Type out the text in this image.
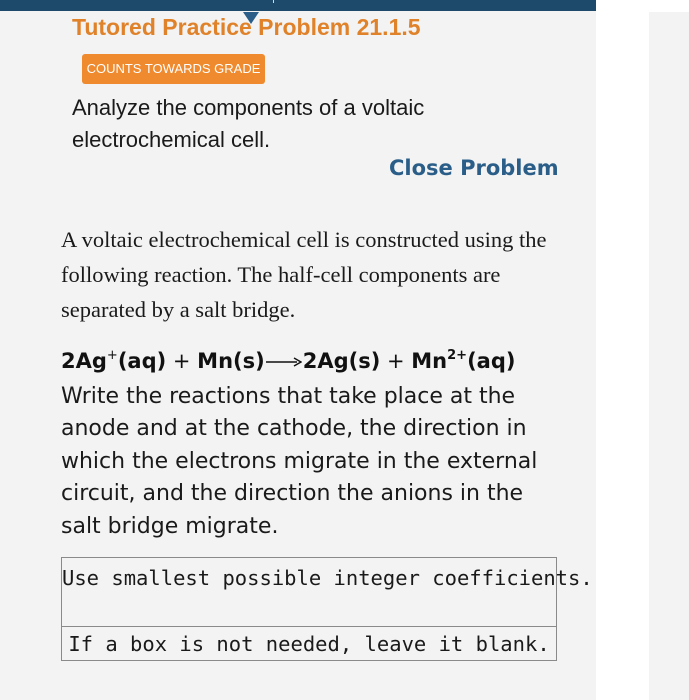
Tutored Practice Problem 21.1.5
COUNTS TOWARDS GRADE
Analyze the components of a voltaic electrochemical cell.
Close Problem
A voltaic electrochemical cell is constructed using the following reaction. The half-cell components are separated by a salt bridge.
$2Ag^+(aq) + Mn(s)\to 2Ag(s) + Mn^{2+}(aq)$
Write the reactions that take place at the anode and at the cathode, the direction in which the electrons migrate in the external circuit, and the direction the anions in the salt bridge migrate.
Use smallest possible integer coefficients.
If a box is not needed, leave it blank.
